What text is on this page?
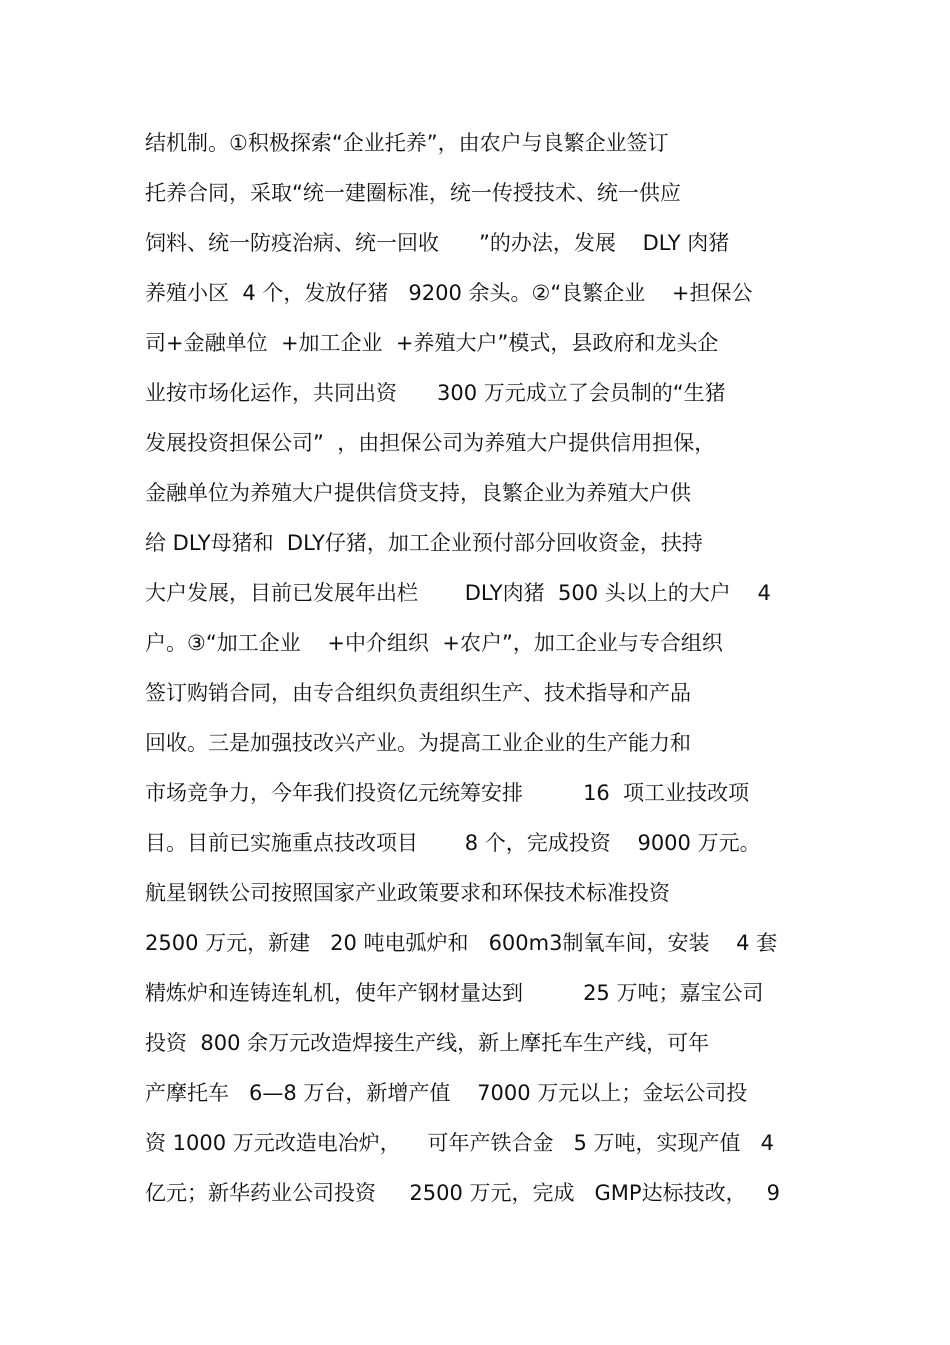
结机制。①积极探索“企业托养”，由农户与良繁企业签订
托养合同，采取“统一建圈标准，统一传授技术、统一供应
饲料、统一防疫治病、统一回收      ”的办法，发展    DLY 肉猪
养殖小区  4 个，发放仔猪   9200 余头。②“良繁企业    +担保公
司+金融单位  +加工企业  +养殖大户”模式，县政府和龙头企
业按市场化运作，共同出资      300 万元成立了会员制的“生猪
发展投资担保公司”  ，由担保公司为养殖大户提供信用担保，
金融单位为养殖大户提供信贷支持，良繁企业为养殖大户供
给 DLY母猪和  DLY仔猪，加工企业预付部分回收资金，扶持
大户发展，目前已发展年出栏       DLY肉猪  500 头以上的大户    4
户。③“加工企业    +中介组织  +农户”，加工企业与专合组织
签订购销合同，由专合组织负责组织生产、技术指导和产品
回收。三是加强技改兴产业。为提高工业企业的生产能力和
市场竞争力，今年我们投资亿元统筹安排         16  项工业技改项
目。目前已实施重点技改项目       8 个，完成投资    9000 万元。
航星钢铁公司按照国家产业政策要求和环保技术标准投资
2500 万元，新建   20 吨电弧炉和   600m3制氧车间，安装    4 套
精炼炉和连铸连轧机，使年产钢材量达到         25 万吨；嘉宝公司
投资  800 余万元改造焊接生产线，新上摩托车生产线，可年
产摩托车   6—8 万台，新增产值    7000 万元以上；金坛公司投
资 1000 万元改造电冶炉，    可年产铁合金   5 万吨，实现产值   4
亿元；新华药业公司投资     2500 万元，完成   GMP达标技改，   9
